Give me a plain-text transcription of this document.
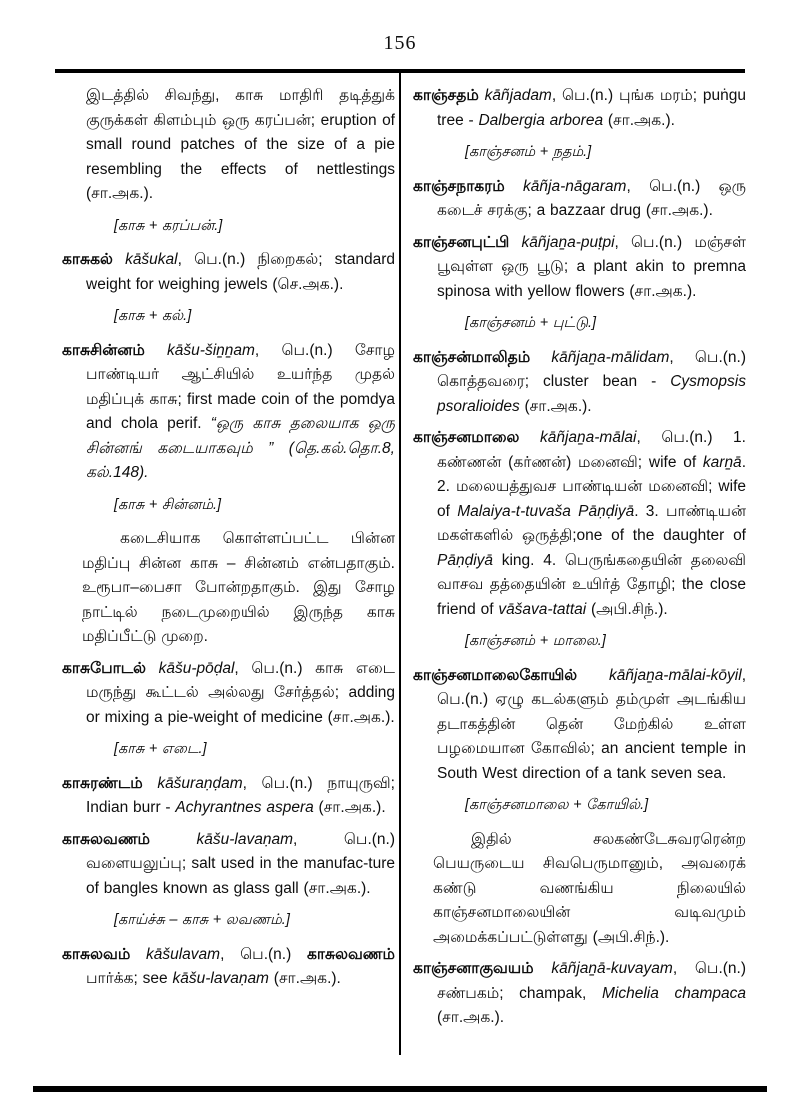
156

இடத்தில் சிவந்து, காசு மாதிரி தடித்துக் குருக்கள் கிளம்பும் ஒரு கரப்பன்; eruption of small round patches of the size of a pie resembling the effects of nettlestings (சா.அக.).

[காசு + கரப்பன்.]

காசுகல் kāšukal, பெ.(n.) நிறைகல்; standard weight for weighing jewels (செ.அக.).

[காசு + கல்.]

காசுசின்னம் kāšu-šiṉṉam, பெ.(n.) சோழ பாண்டியர் ஆட்சியில் உயர்ந்த முதல் மதிப்புக் காசு; first made coin of the pomdya and chola perif. “ஒரு காசு தலையாக ஒரு சின்னங் கடையாகவும் ” (தெ.கல்.தொ.8, கல்.148).

[காசு + சின்னம்.]

கடைசியாக கொள்ளப்பட்ட பின்ன மதிப்பு சின்ன காசு – சின்னம் என்பதாகும். உரூபா–பைசா போன்றதாகும். இது சோழ நாட்டில் நடைமுறையில் இருந்த காசு மதிப்பீட்டு முறை.

காசுபோடல் kāšu-pōḍal, பெ.(n.) காசு எடை மருந்து கூட்டல் அல்லது சேர்த்தல்; adding or mixing a pie-weight of medicine (சா.அக.).

[காசு + எடை.]

காசுரண்டம் kāšuraṇḍam, பெ.(n.) நாயுருவி; Indian burr - Achyrantnes aspera (சா.அக.).

காசுலவணம் kāšu-lavaṇam, பெ.(n.) வளையலுப்பு; salt used in the manufac-ture of bangles known as glass gall (சா.அக.).

[காய்ச்சு – காசு + லவணம்.]

காசுலவம் kāšulavam, பெ.(n.) காசுலவணம் பார்க்க; see kāšu-lavaṇam (சா.அக.).

காஞ்சதம் kāñjadam, பெ.(n.) புங்க மரம்; puṅgu tree - Dalbergia arborea (சா.அக.).

[காஞ்சனம் + நதம்.]

காஞ்சநாகரம் kāñja-nāgaram, பெ.(n.) ஒரு கடைச் சரக்கு; a bazzaar drug (சா.அக.).

காஞ்சனபுட்பி kāñjaṉa-puṭpi, பெ.(n.) மஞ்சள் பூவுள்ள ஒரு பூடு; a plant akin to premna spinosa with yellow flowers (சா.அக.).

[காஞ்சனம் + புட்டு.]

காஞ்சன்மாலிதம் kāñjaṉa-mālidam, பெ.(n.) கொத்தவரை; cluster bean - Cysmopsis psoralioides (சா.அக.).

காஞ்சனமாலை kāñjaṉa-mālai, பெ.(n.) 1. கண்ணன் (கர்ணன்) மனைவி; wife of karṉā. 2. மலையத்துவச பாண்டியன் மனைவி; wife of Malaiya-t-tuvaša Pāṇḍiyā. 3. பாண்டியன் மகள்களில் ஒருத்தி;one of the daughter of Pāṇḍiyā king. 4. பெருங்கதையின் தலைவி வாசவ தத்தையின் உயிர்த் தோழி; the close friend of vāšava-tattai (அபி.சிந்.).

[காஞ்சனம் + மாலை.]

காஞ்சனமாலைகோயில் kāñjaṉa-mālai-kōyil, பெ.(n.) ஏழு கடல்களும் தம்முள் அடங்கிய தடாகத்தின் தென் மேற்கில் உள்ள பழமையான கோவில்; an ancient temple in South West direction of a tank seven sea.

[காஞ்சனமாலை + கோயில்.]

இதில் சலகண்டேசுவரரென்ற பெயருடைய சிவபெருமானும், அவரைக் கண்டு வணங்கிய நிலையில் காஞ்சனமாலையின் வடிவமும் அமைக்கப்பட்டுள்ளது (அபி.சிந்.).

காஞ்சனாகுவயம் kāñjaṉā-kuvayam, பெ.(n.) சண்பகம்; champak, Michelia champaca (சா.அக.).
